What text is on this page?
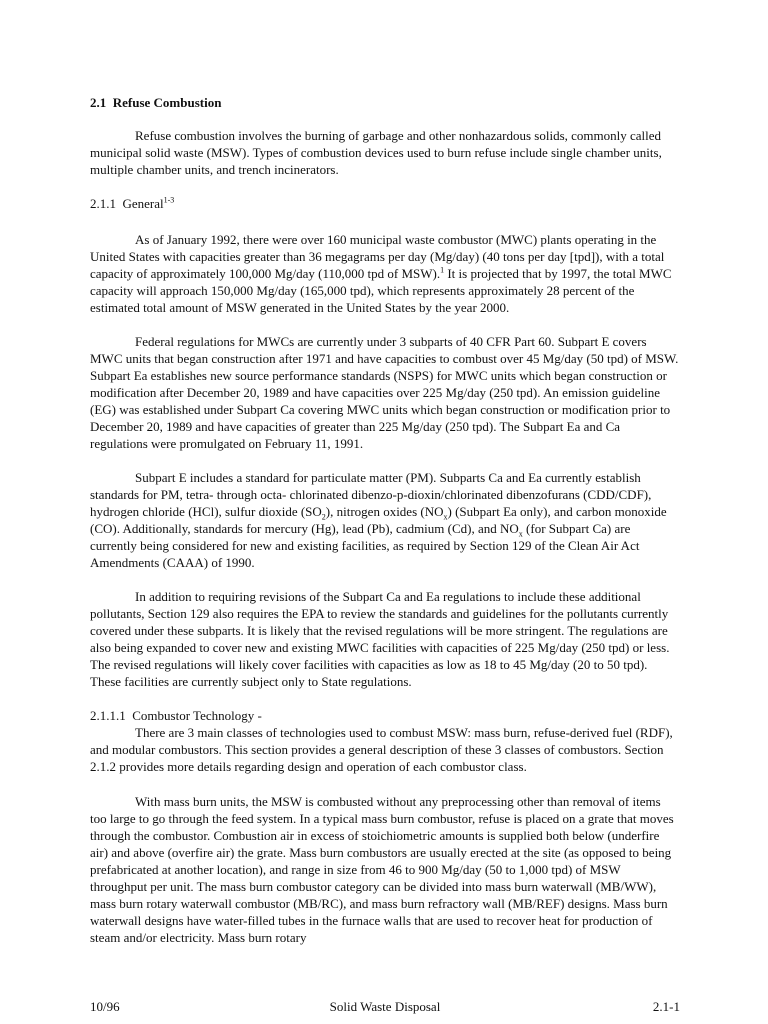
2.1 Refuse Combustion

Refuse combustion involves the burning of garbage and other nonhazardous solids, commonly called municipal solid waste (MSW). Types of combustion devices used to burn refuse include single chamber units, multiple chamber units, and trench incinerators.

2.1.1 General$^{1-3}$

As of January 1992, there were over 160 municipal waste combustor (MWC) plants operating in the United States with capacities greater than 36 megagrams per day (Mg/day) (40 tons per day [tpd]), with a total capacity of approximately 100,000 Mg/day (110,000 tpd of MSW).$^1$ It is projected that by 1997, the total MWC capacity will approach 150,000 Mg/day (165,000 tpd), which represents approximately 28 percent of the estimated total amount of MSW generated in the United States by the year 2000.

Federal regulations for MWCs are currently under 3 subparts of 40 CFR Part 60. Subpart E covers MWC units that began construction after 1971 and have capacities to combust over 45 Mg/day (50 tpd) of MSW. Subpart Ea establishes new source performance standards (NSPS) for MWC units which began construction or modification after December 20, 1989 and have capacities over 225 Mg/day (250 tpd). An emission guideline (EG) was established under Subpart Ca covering MWC units which began construction or modification prior to December 20, 1989 and have capacities of greater than 225 Mg/day (250 tpd). The Subpart Ea and Ca regulations were promulgated on February 11, 1991.

Subpart E includes a standard for particulate matter (PM). Subparts Ca and Ea currently establish standards for PM, tetra- through octa- chlorinated dibenzo-p-dioxin/chlorinated dibenzofurans (CDD/CDF), hydrogen chloride (HCl), sulfur dioxide $(SO_2)$, nitrogen oxides $(NO_x)$ (Subpart Ea only), and carbon monoxide (CO). Additionally, standards for mercury (Hg), lead (Pb), cadmium (Cd), and $NO_x$ (for Subpart Ca) are currently being considered for new and existing facilities, as required by Section 129 of the Clean Air Act Amendments (CAAA) of 1990.

In addition to requiring revisions of the Subpart Ca and Ea regulations to include these additional pollutants, Section 129 also requires the EPA to review the standards and guidelines for the pollutants currently covered under these subparts. It is likely that the revised regulations will be more stringent. The regulations are also being expanded to cover new and existing MWC facilities with capacities of 225 Mg/day (250 tpd) or less. The revised regulations will likely cover facilities with capacities as low as 18 to 45 Mg/day (20 to 50 tpd). These facilities are currently subject only to State regulations.

2.1.1.1 Combustor Technology -

There are 3 main classes of technologies used to combust MSW: mass burn, refuse-derived fuel (RDF), and modular combustors. This section provides a general description of these 3 classes of combustors. Section 2.1.2 provides more details regarding design and operation of each combustor class.

With mass burn units, the MSW is combusted without any preprocessing other than removal of items too large to go through the feed system. In a typical mass burn combustor, refuse is placed on a grate that moves through the combustor. Combustion air in excess of stoichiometric amounts is supplied both below (underfire air) and above (overfire air) the grate. Mass burn combustors are usually erected at the site (as opposed to being prefabricated at another location), and range in size from 46 to 900 Mg/day (50 to 1,000 tpd) of MSW throughput per unit. The mass burn combustor category can be divided into mass burn waterwall (MB/WW), mass burn rotary waterwall combustor (MB/RC), and mass burn refractory wall (MB/REF) designs. Mass burn waterwall designs have water-filled tubes in the furnace walls that are used to recover heat for production of steam and/or electricity. Mass burn rotary

10/96	Solid Waste Disposal	2.1-1
